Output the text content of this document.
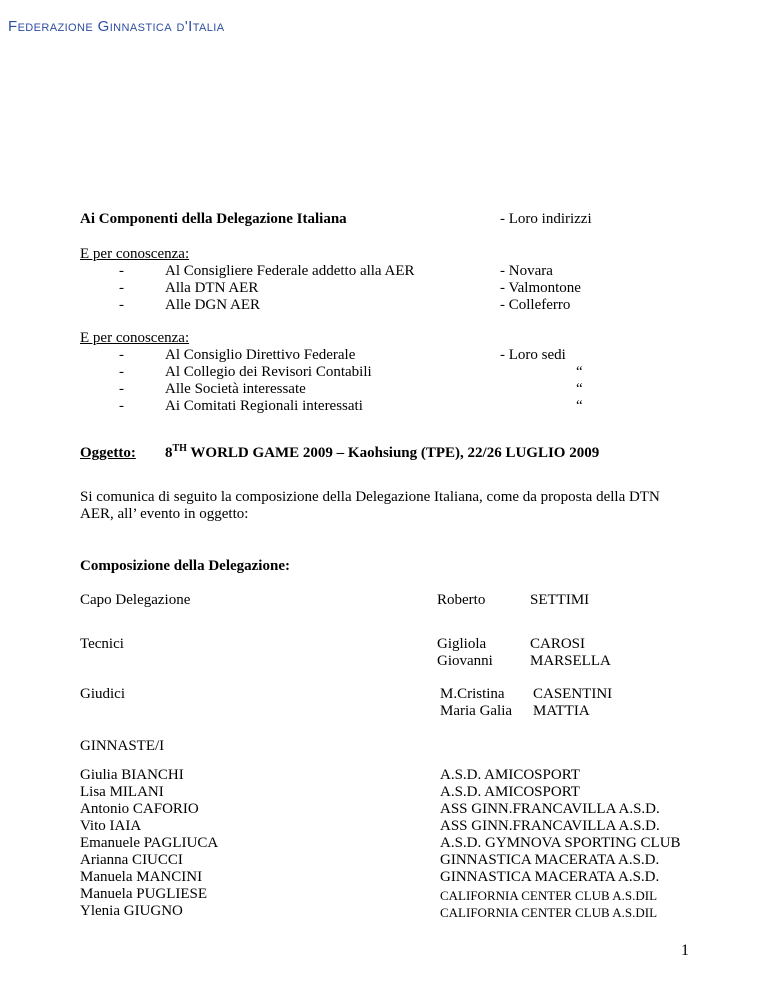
Federazione Ginnastica d'Italia
Ai Componenti della Delegazione Italiana	- Loro indirizzi
E per conoscenza:
-	Al Consigliere Federale addetto alla AER	- Novara
-	Alla DTN AER	- Valmontone
-	Alle DGN AER	- Colleferro
E per conoscenza:
-	Al Consiglio Direttivo Federale	- Loro sedi
-	Al Collegio dei Revisori Contabili	“
-	Alle Società interessate	“
-	Ai Comitati Regionali interessati	“
Oggetto: 8TH WORLD GAME 2009 – Kaohsiung (TPE), 22/26 LUGLIO 2009
Si comunica di seguito la composizione della Delegazione Italiana, come da proposta della DTN
AER, all’ evento in oggetto:
Composizione della Delegazione:
Capo Delegazione	Roberto	SETTIMI
Tecnici	Gigliola	CAROSI
Giovanni MARSELLA
Giudici	M.Cristina CASENTINI
Maria Galia MATTIA
GINNASTE/I
Giulia BIANCHI	A.S.D. AMICOSPORT
Lisa MILANI	A.S.D. AMICOSPORT
Antonio CAFORIO	ASS GINN.FRANCAVILLA A.S.D.
Vito IAIA	ASS GINN.FRANCAVILLA A.S.D.
Emanuele PAGLIUCA	A.S.D. GYMNOVA SPORTING CLUB
Arianna CIUCCI	GINNASTICA MACERATA A.S.D.
Manuela MANCINI	GINNASTICA MACERATA A.S.D.
Manuela PUGLIESE	CALIFORNIA CENTER CLUB A.S.DIL
Ylenia GIUGNO	CALIFORNIA CENTER CLUB A.S.DIL
1
